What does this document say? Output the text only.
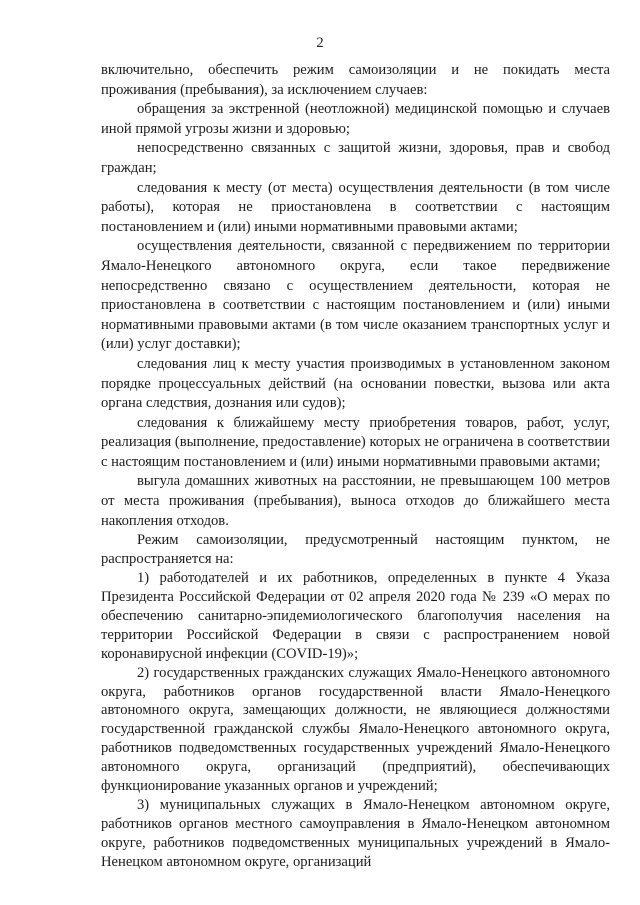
2

включительно, обеспечить режим самоизоляции и не покидать места проживания (пребывания), за исключением случаев:

обращения за экстренной (неотложной) медицинской помощью и случаев иной прямой угрозы жизни и здоровью;

непосредственно связанных с защитой жизни, здоровья, прав и свобод граждан;

следования к месту (от места) осуществления деятельности (в том числе работы), которая не приостановлена в соответствии с настоящим постановлением и (или) иными нормативными правовыми актами;

осуществления деятельности, связанной с передвижением по территории Ямало-Ненецкого автономного округа, если такое передвижение непосредственно связано с осуществлением деятельности, которая не приостановлена в соответствии с настоящим постановлением и (или) иными нормативными правовыми актами (в том числе оказанием транспортных услуг и (или) услуг доставки);

следования лиц к месту участия производимых в установленном законом порядке процессуальных действий (на основании повестки, вызова или акта органа следствия, дознания или судов);

следования к ближайшему месту приобретения товаров, работ, услуг, реализация (выполнение, предоставление) которых не ограничена в соответствии с настоящим постановлением и (или) иными нормативными правовыми актами;

выгула домашних животных на расстоянии, не превышающем 100 метров от места проживания (пребывания), выноса отходов до ближайшего места накопления отходов.

Режим самоизоляции, предусмотренный настоящим пунктом, не распространяется на:

1) работодателей и их работников, определенных в пункте 4 Указа Президента Российской Федерации от 02 апреля 2020 года № 239 «О мерах по обеспечению санитарно-эпидемиологического благополучия населения на территории Российской Федерации в связи с распространением новой коронавирусной инфекции (COVID-19)»;

2) государственных гражданских служащих Ямало-Ненецкого автономного округа, работников органов государственной власти Ямало-Ненецкого автономного округа, замещающих должности, не являющиеся должностями государственной гражданской службы Ямало-Ненецкого автономного округа, работников подведомственных государственных учреждений Ямало-Ненецкого автономного округа, организаций (предприятий), обеспечивающих функционирование указанных органов и учреждений;

3) муниципальных служащих в Ямало-Ненецком автономном округе, работников органов местного самоуправления в Ямало-Ненецком автономном округе, работников подведомственных муниципальных учреждений в Ямало-Ненецком автономном округе, организаций
